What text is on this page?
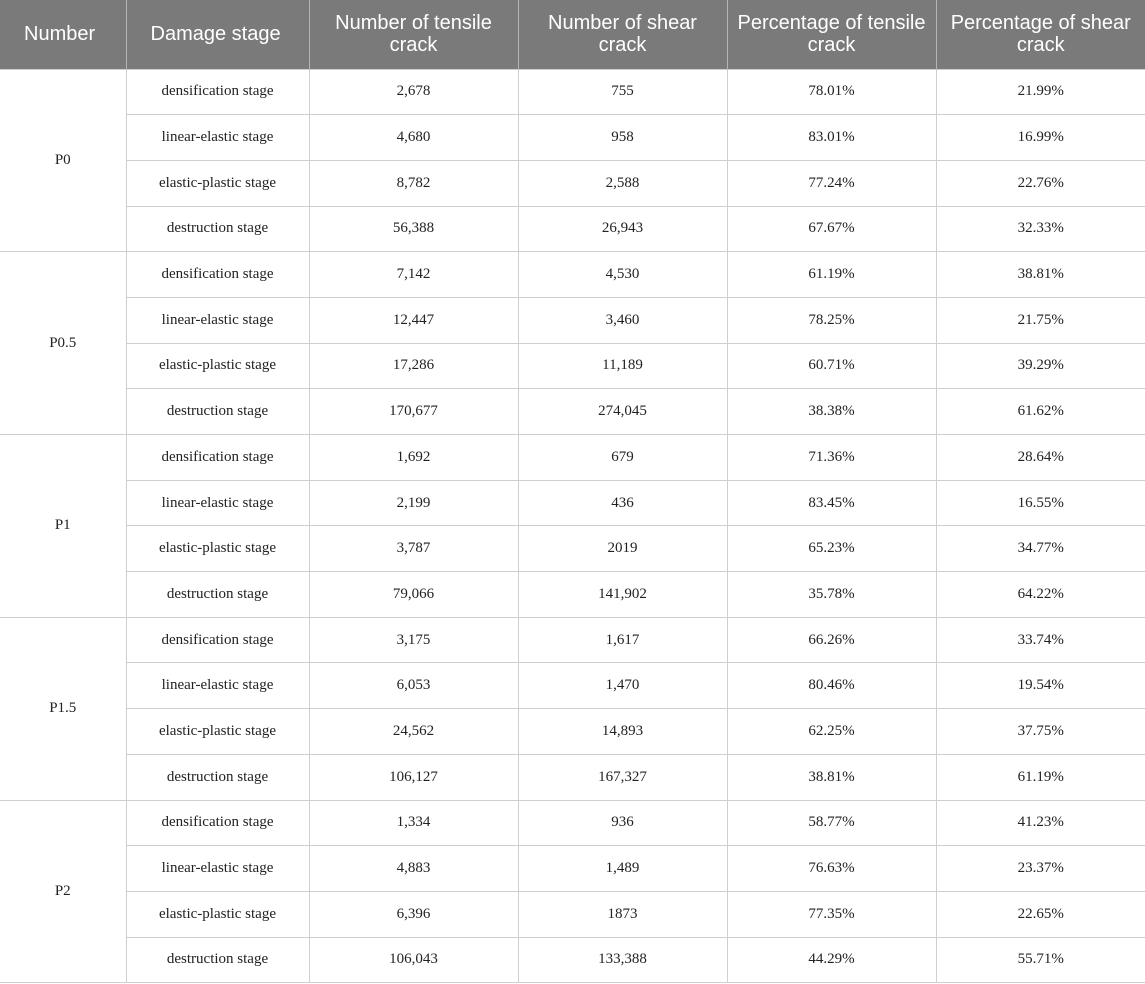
Number	Damage stage	Number of tensile crack	Number of shear crack	Percentage of tensile crack	Percentage of shear crack
P0	densification stage	2,678	755	78.01%	21.99%
	linear-elastic stage	4,680	958	83.01%	16.99%
	elastic-plastic stage	8,782	2,588	77.24%	22.76%
	destruction stage	56,388	26,943	67.67%	32.33%
P0.5	densification stage	7,142	4,530	61.19%	38.81%
	linear-elastic stage	12,447	3,460	78.25%	21.75%
	elastic-plastic stage	17,286	11,189	60.71%	39.29%
	destruction stage	170,677	274,045	38.38%	61.62%
P1	densification stage	1,692	679	71.36%	28.64%
	linear-elastic stage	2,199	436	83.45%	16.55%
	elastic-plastic stage	3,787	2019	65.23%	34.77%
	destruction stage	79,066	141,902	35.78%	64.22%
P1.5	densification stage	3,175	1,617	66.26%	33.74%
	linear-elastic stage	6,053	1,470	80.46%	19.54%
	elastic-plastic stage	24,562	14,893	62.25%	37.75%
	destruction stage	106,127	167,327	38.81%	61.19%
P2	densification stage	1,334	936	58.77%	41.23%
	linear-elastic stage	4,883	1,489	76.63%	23.37%
	elastic-plastic stage	6,396	1873	77.35%	22.65%
	destruction stage	106,043	133,388	44.29%	55.71%
